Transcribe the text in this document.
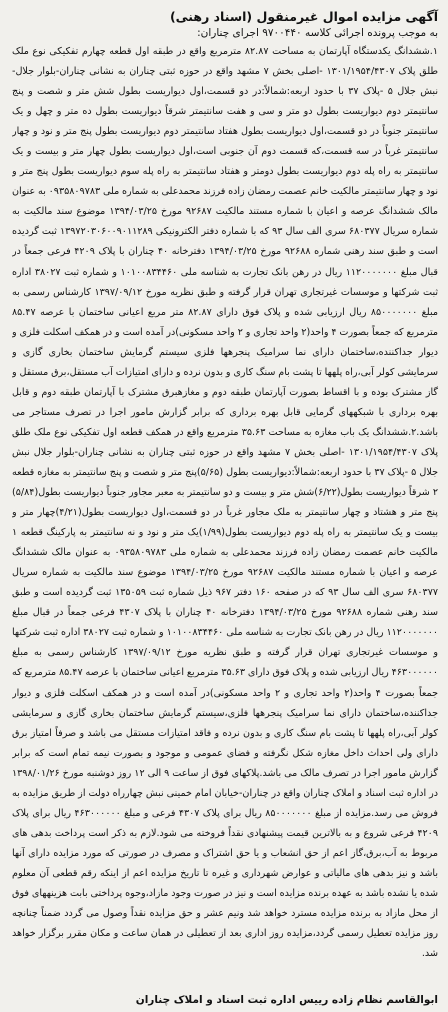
آگهی مزایده اموال غیرمنقول (اسناد رهنی)

به موجب پرونده اجرائی کلاسه ۹۷۰۰۴۴۰ اجرای چناران:

۱.ششدانگ یکدستگاه آپارتمان به مساحت ۸۲.۸۷ مترمربع واقع در طبقه اول قطعه چهارم تفکیکی نوع ملک طلق پلاک ۱۳۰۱/۱۹۵۴/۴۳۰۷ -اصلی بخش ۷ مشهد واقع در حوزه ثبتی چناران به نشانی چناران-بلوار جلال-نبش جلال ۵ -پلاک ۳۷ با حدود اربعه:شمالاً:در دو قسمت،اول دیواریست بطول شش متر و شصت و پنج سانتیمتر دوم دیواریست بطول دو متر و سی و هفت سانتیمتر شرقاً دیواریست بطول ده متر و چهل و یک سانتیمتر جنوباً در دو قسمت،اول دیواریست بطول هفتاد سانتیمتر دوم دیواریست بطول پنج متر و نود و چهار سانتیمتر غرباً در سه قسمت،که قسمت دوم آن جنوبی است،اول دیواریست بطول چهار متر و بیست و یک سانتیمتر به راه پله دوم دیواریست بطول دومتر و هفتاد سانتیمتر به راه پله سوم دیواریست بطول پنج متر و نود و چهار سانتیمتر مالکیت خانم عصمت رمضان زاده فرزند محمدعلی به شماره ملی ۰۹۳۵۸۰۹۷۸۳ به عنوان مالک ششدانگ عرصه و اعیان با شماره مستند مالکیت ۹۲۶۸۷ مورخ ۱۳۹۴/۰۳/۲۵ موضوع سند مالکیت به شماره سریال ۶۸۰۳۷۷ سری الف سال ۹۳ که با شماره دفتر الکترونیکی ۱۳۹۷۲۰۳۰۶۰۰۹۰۱۱۲۸۹ ثبت گردیده است و طبق سند رهنی شماره ۹۲۶۸۸ مورخ ۱۳۹۴/۰۳/۲۵ دفترخانه ۴۰ چناران با پلاک ۴۲۰۹ فرعی جمعاً در قبال مبلغ ۱۱۲۰۰۰۰۰۰۰ ریال در رهن بانک تجارت به شناسه ملی ۱۰۱۰۰۸۳۴۴۶۰ و شماره ثبت ۳۸۰۲۷ اداره ثبت شرکتها و موسسات غیرتجاری تهران قرار گرفته و طبق نظریه مورخ ۱۳۹۷/۰۹/۱۲ کارشناس رسمی به مبلغ ۸۵۰۰۰۰۰۰۰ ریال ارزیابی شده و پلاک فوق دارای ۸۲.۸۷ متر مربع اعیانی ساختمان با عرصه ۸۵.۴۷ مترمربع که جمعاً بصورت ۴ واحد(۲ واحد تجاری و ۲ واحد مسکونی)در آمده است و در همکف اسکلت فلزی و دیوار جداکننده،ساختمان دارای نما سرامیک پنجرهها فلزی سیستم گرمایش ساختمان بخاری گازی و سرمایشی کولر آبی،راه پلهها تا پشت بام سنگ کاری و بدون نرده و دارای امتیازات آب مستقل،برق مستقل و گاز مشترک بوده و با اقساط بصورت آپارتمان طبقه دوم و مغازهبرق مشترک با آپارتمان طبقه دوم و قابل بهره برداری با شبکههای گرمایی قابل بهره برداری که برابر گزارش مامور اجرا در تصرف مستاجر می باشد.۲.ششدانگ یک باب مغازه به مساحت ۳۵.۶۳ مترمربع واقع در همکف قطعه اول تفکیکی نوع ملک طلق پلاک ۱۳۰۱/۱۹۵۴/۴۳۰۷ -اصلی بخش ۷ مشهد واقع در حوزه ثبتی چناران به نشانی چناران-بلوار جلال نبش جلال ۵ -پلاک ۳۷ با حدود اربعه:شمالاً:دیواریست بطول (۵/۶۵)پنج متر و شصت و پنج سانتیمتر به مغازه قطعه ۲ شرقاً دیواریست بطول(۶/۲۲)شش متر و بیست و دو سانتیمتر به معبر مجاور جنوباً دیواریست بطول(۵/۸۴) پنج متر و هشتاد و چهار سانتیمتر به ملک مجاور غرباً در دو قسمت،اول دیواریست بطول(۴/۲۱)چهار متر و بیست و یک سانتیمتر به راه پله دوم دیواریست بطول(۱/۹۹)یک متر و نود و نه سانتیمتر به پارکینگ قطعه ۱ مالکیت خانم عصمت رمضان زاده فرزند محمدعلی به شماره ملی ۰۹۳۵۸۰۹۷۸۳ به عنوان مالک ششدانگ عرصه و اعیان با شماره مستند مالکیت ۹۲۶۸۷ مورخ ۱۳۹۴/۰۳/۲۵ موضوع سند مالکیت به شماره سریال ۶۸۰۳۷۷ سری الف سال ۹۳ که در صفحه ۱۶۰ دفتر ۹۶۷ ذیل شماره ثبت ۱۳۵۰۵۹ ثبت گردیده است و طبق سند رهنی شماره ۹۲۶۸۸ مورخ ۱۳۹۴/۰۳/۲۵ دفترخانه ۴۰ چناران با پلاک ۴۳۰۷ فرعی جمعاً در قبال مبلغ ۱۱۲۰۰۰۰۰۰۰ ریال در رهن بانک تجارت به شناسه ملی ۱۰۱۰۰۸۳۴۴۶۰ و شماره ثبت ۳۸۰۲۷ اداره ثبت شرکتها و موسسات غیرتجاری تهران قرار گرفته و طبق نظریه مورخ ۱۳۹۷/۰۹/۱۲ کارشناس رسمی به مبلغ ۴۶۳۰۰۰۰۰۰ ریال ارزیابی شده و پلاک فوق دارای ۳۵.۶۳ مترمربع اعیانی ساختمان با عرصه ۸۵.۴۷ مترمربع که جمعاً بصورت ۴ واحد(۲ واحد تجاری و ۲ واحد مسکونی)در آمده است و در همکف اسکلت فلزی و دیوار جداکننده،ساختمان دارای نما سرامیک پنجرهها فلزی،سیستم گرمایش ساختمان بخاری گازی و سرمایشی کولر آبی،راه پلهها تا پشت بام سنگ کاری و بدون نرده و فاقد امتیازات مستقل می باشد و صرفاً امتیاز برق دارای ولی احداث داخل مغازه شکل نگرفته و فضای عمومی و موجود و بصورت نیمه تمام است که برابر گزارش مامور اجرا در تصرف مالک می باشد.پلاکهای فوق از ساعت ۹ الی ۱۲ روز دوشنبه مورخ ۱۳۹۸/۰۱/۲۶ در اداره ثبت اسناد و املاک چناران واقع در چناران-خیابان امام خمینی نبش چهارراه دولت از طریق مزایده به فروش می رسد.مزایده از مبلغ ۸۵۰۰۰۰۰۰۰ ریال برای پلاک ۴۳۰۷ فرعی و مبلغ ۴۶۳۰۰۰۰۰۰ ریال برای پلاک ۴۲۰۹ فرعی شروع و به بالاترین قیمت پیشنهادی نقداً فروخته می شود.لازم به ذکر است پرداخت بدهی های مربوط به آب،برق،گاز اعم از حق انشعاب و یا حق اشتراک و مصرف در صورتی که مورد مزایده دارای آنها باشد و نیز بدهی های مالیاتی و عوارض شهرداری و غیره تا تاریخ مزایده اعم از اینکه رقم قطعی آن معلوم شده یا نشده باشد به عهده برنده مزایده است و نیز در صورت وجود مازاد،وجوه پرداختی بابت هزینههای فوق از محل مازاد به برنده مزایده مسترد خواهد شد ونیم عشر و حق مزایده نقداً وصول می گردد ضمناً چنانچه روز مزایده تعطیل رسمی گردد،مزایده روز اداری بعد از تعطیلی در همان ساعت و مکان مقرر برگزار خواهد شد.

ابوالقاسم نظام زاده رییس اداره ثبت اسناد و املاک چناران
